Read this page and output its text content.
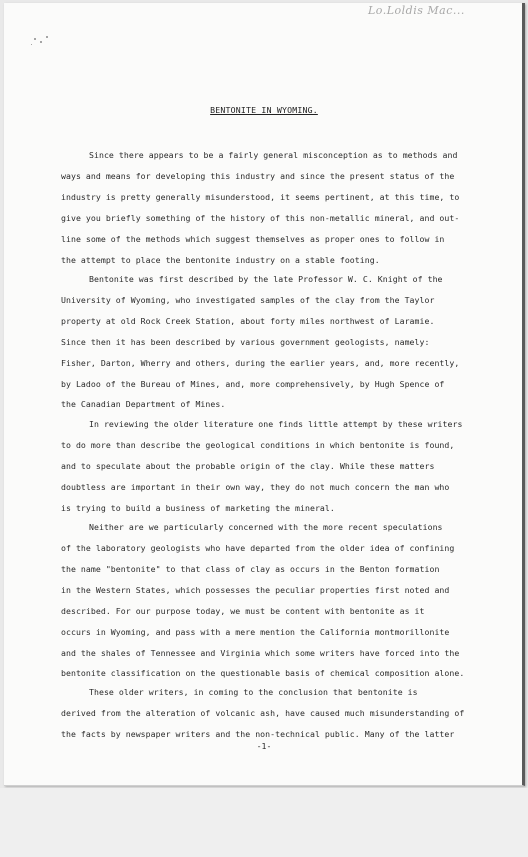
Lo.Loldis Mac...
BENTONITE IN WYOMING.
Since there appears to be a fairly general misconception as to methods and
ways and means for developing this industry and since the present status of the
industry is pretty generally misunderstood, it seems pertinent, at this time, to
give you briefly something of the history of this non-metallic mineral, and out-
line some of the methods which suggest themselves as proper ones to follow in
the attempt to place the bentonite industry on a stable footing.
Bentonite was first described by the late Professor W. C. Knight of the
University of Wyoming, who investigated samples of the clay from the Taylor
property at old Rock Creek Station, about forty miles northwest of Laramie.
Since then it has been described by various government geologists, namely:
Fisher, Darton, Wherry and others, during the earlier years, and, more recently,
by Ladoo of the Bureau of Mines, and, more comprehensively, by Hugh Spence of
the Canadian Department of Mines.
In reviewing the older literature one finds little attempt by these writers
to do more than describe the geological conditions in which bentonite is found,
and to speculate about the probable origin of the clay. While these matters
doubtless are important in their own way, they do not much concern the man who
is trying to build a business of marketing the mineral.
Neither are we particularly concerned with the more recent speculations
of the laboratory geologists who have departed from the older idea of confining
the name "bentonite" to that class of clay as occurs in the Benton formation
in the Western States, which possesses the peculiar properties first noted and
described. For our purpose today, we must be content with bentonite as it
occurs in Wyoming, and pass with a mere mention the California montmorillonite
and the shales of Tennessee and Virginia which some writers have forced into the
bentonite classification on the questionable basis of chemical composition alone.
These older writers, in coming to the conclusion that bentonite is
derived from the alteration of volcanic ash, have caused much misunderstanding of
the facts by newspaper writers and the non-technical public. Many of the latter
-1-
